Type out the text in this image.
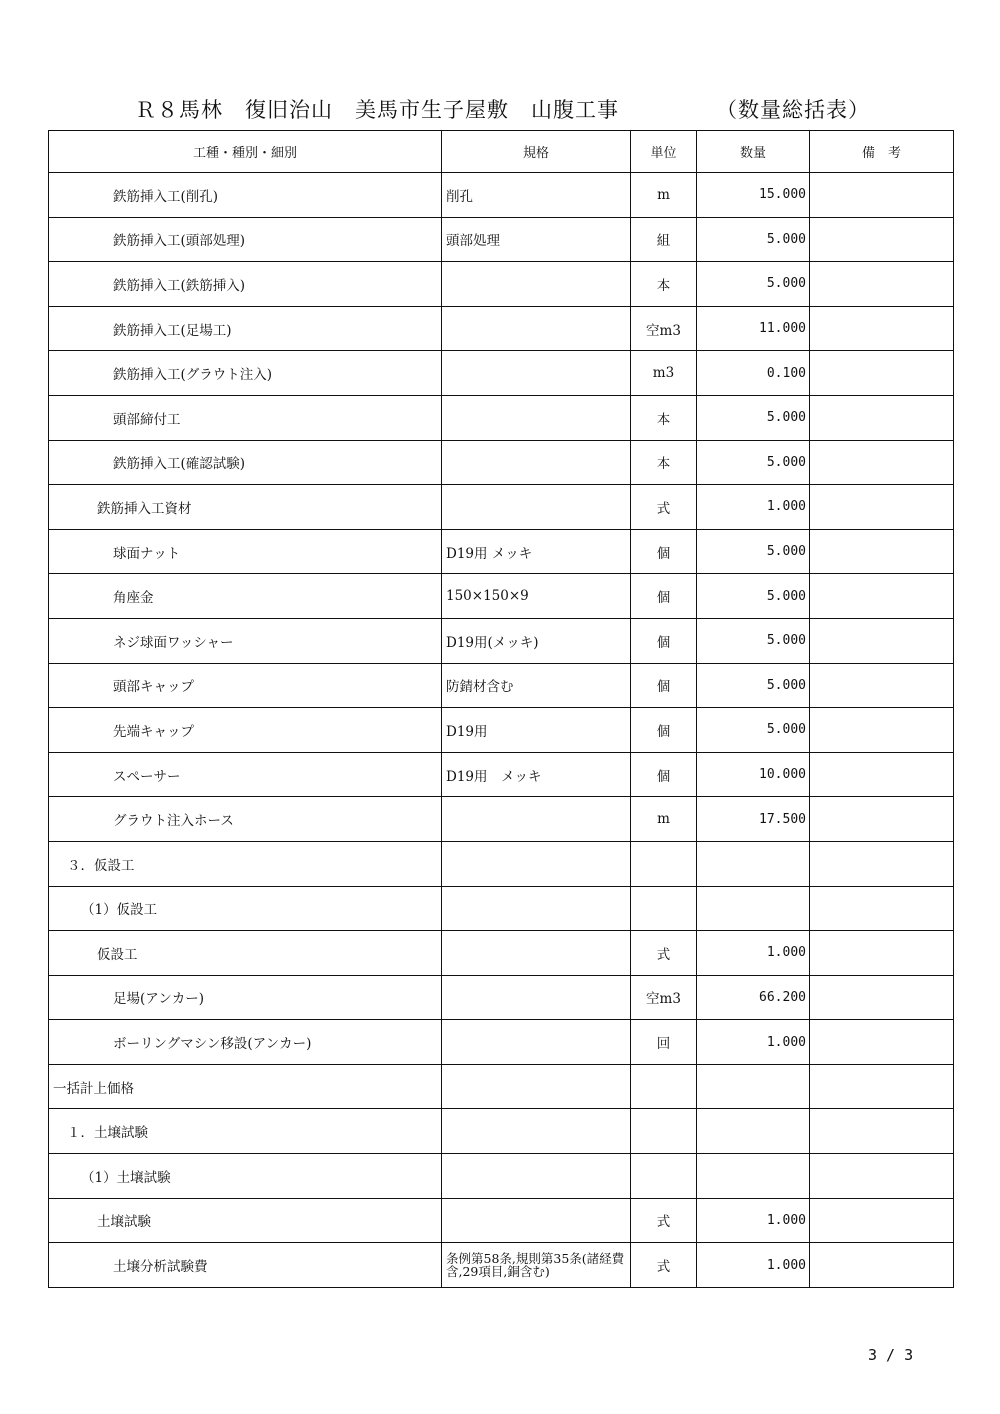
Ｒ８馬林　復旧治山　美馬市生子屋敷　山腹工事	（数量総括表）
工種・種別・細別	規格	単位	数量	備　考
鉄筋挿入工(削孔)	削孔	m	15.000	
鉄筋挿入工(頭部処理)	頭部処理	組	5.000	
鉄筋挿入工(鉄筋挿入)		本	5.000	
鉄筋挿入工(足場工)		空m3	11.000	
鉄筋挿入工(グラウト注入)		m3	0.100	
頭部締付工		本	5.000	
鉄筋挿入工(確認試験)		本	5.000	
鉄筋挿入工資材		式	1.000	
球面ナット	D19用 メッキ	個	5.000	
角座金	150×150×9	個	5.000	
ネジ球面ワッシャー	D19用(メッキ)	個	5.000	
頭部キャップ	防錆材含む	個	5.000	
先端キャップ	D19用	個	5.000	
スペーサー	D19用　メッキ	個	10.000	
グラウト注入ホース		m	17.500	
３．仮設工				
（1）仮設工				
仮設工		式	1.000	
足場(アンカー)		空m3	66.200	
ボーリングマシン移設(アンカー)		回	1.000	
一括計上価格				
１．土壌試験				
（1）土壌試験				
土壌試験		式	1.000	
土壌分析試験費	条例第58条,規則第35条(諸経費含,29項目,銅含む)	式	1.000	
3 / 3
